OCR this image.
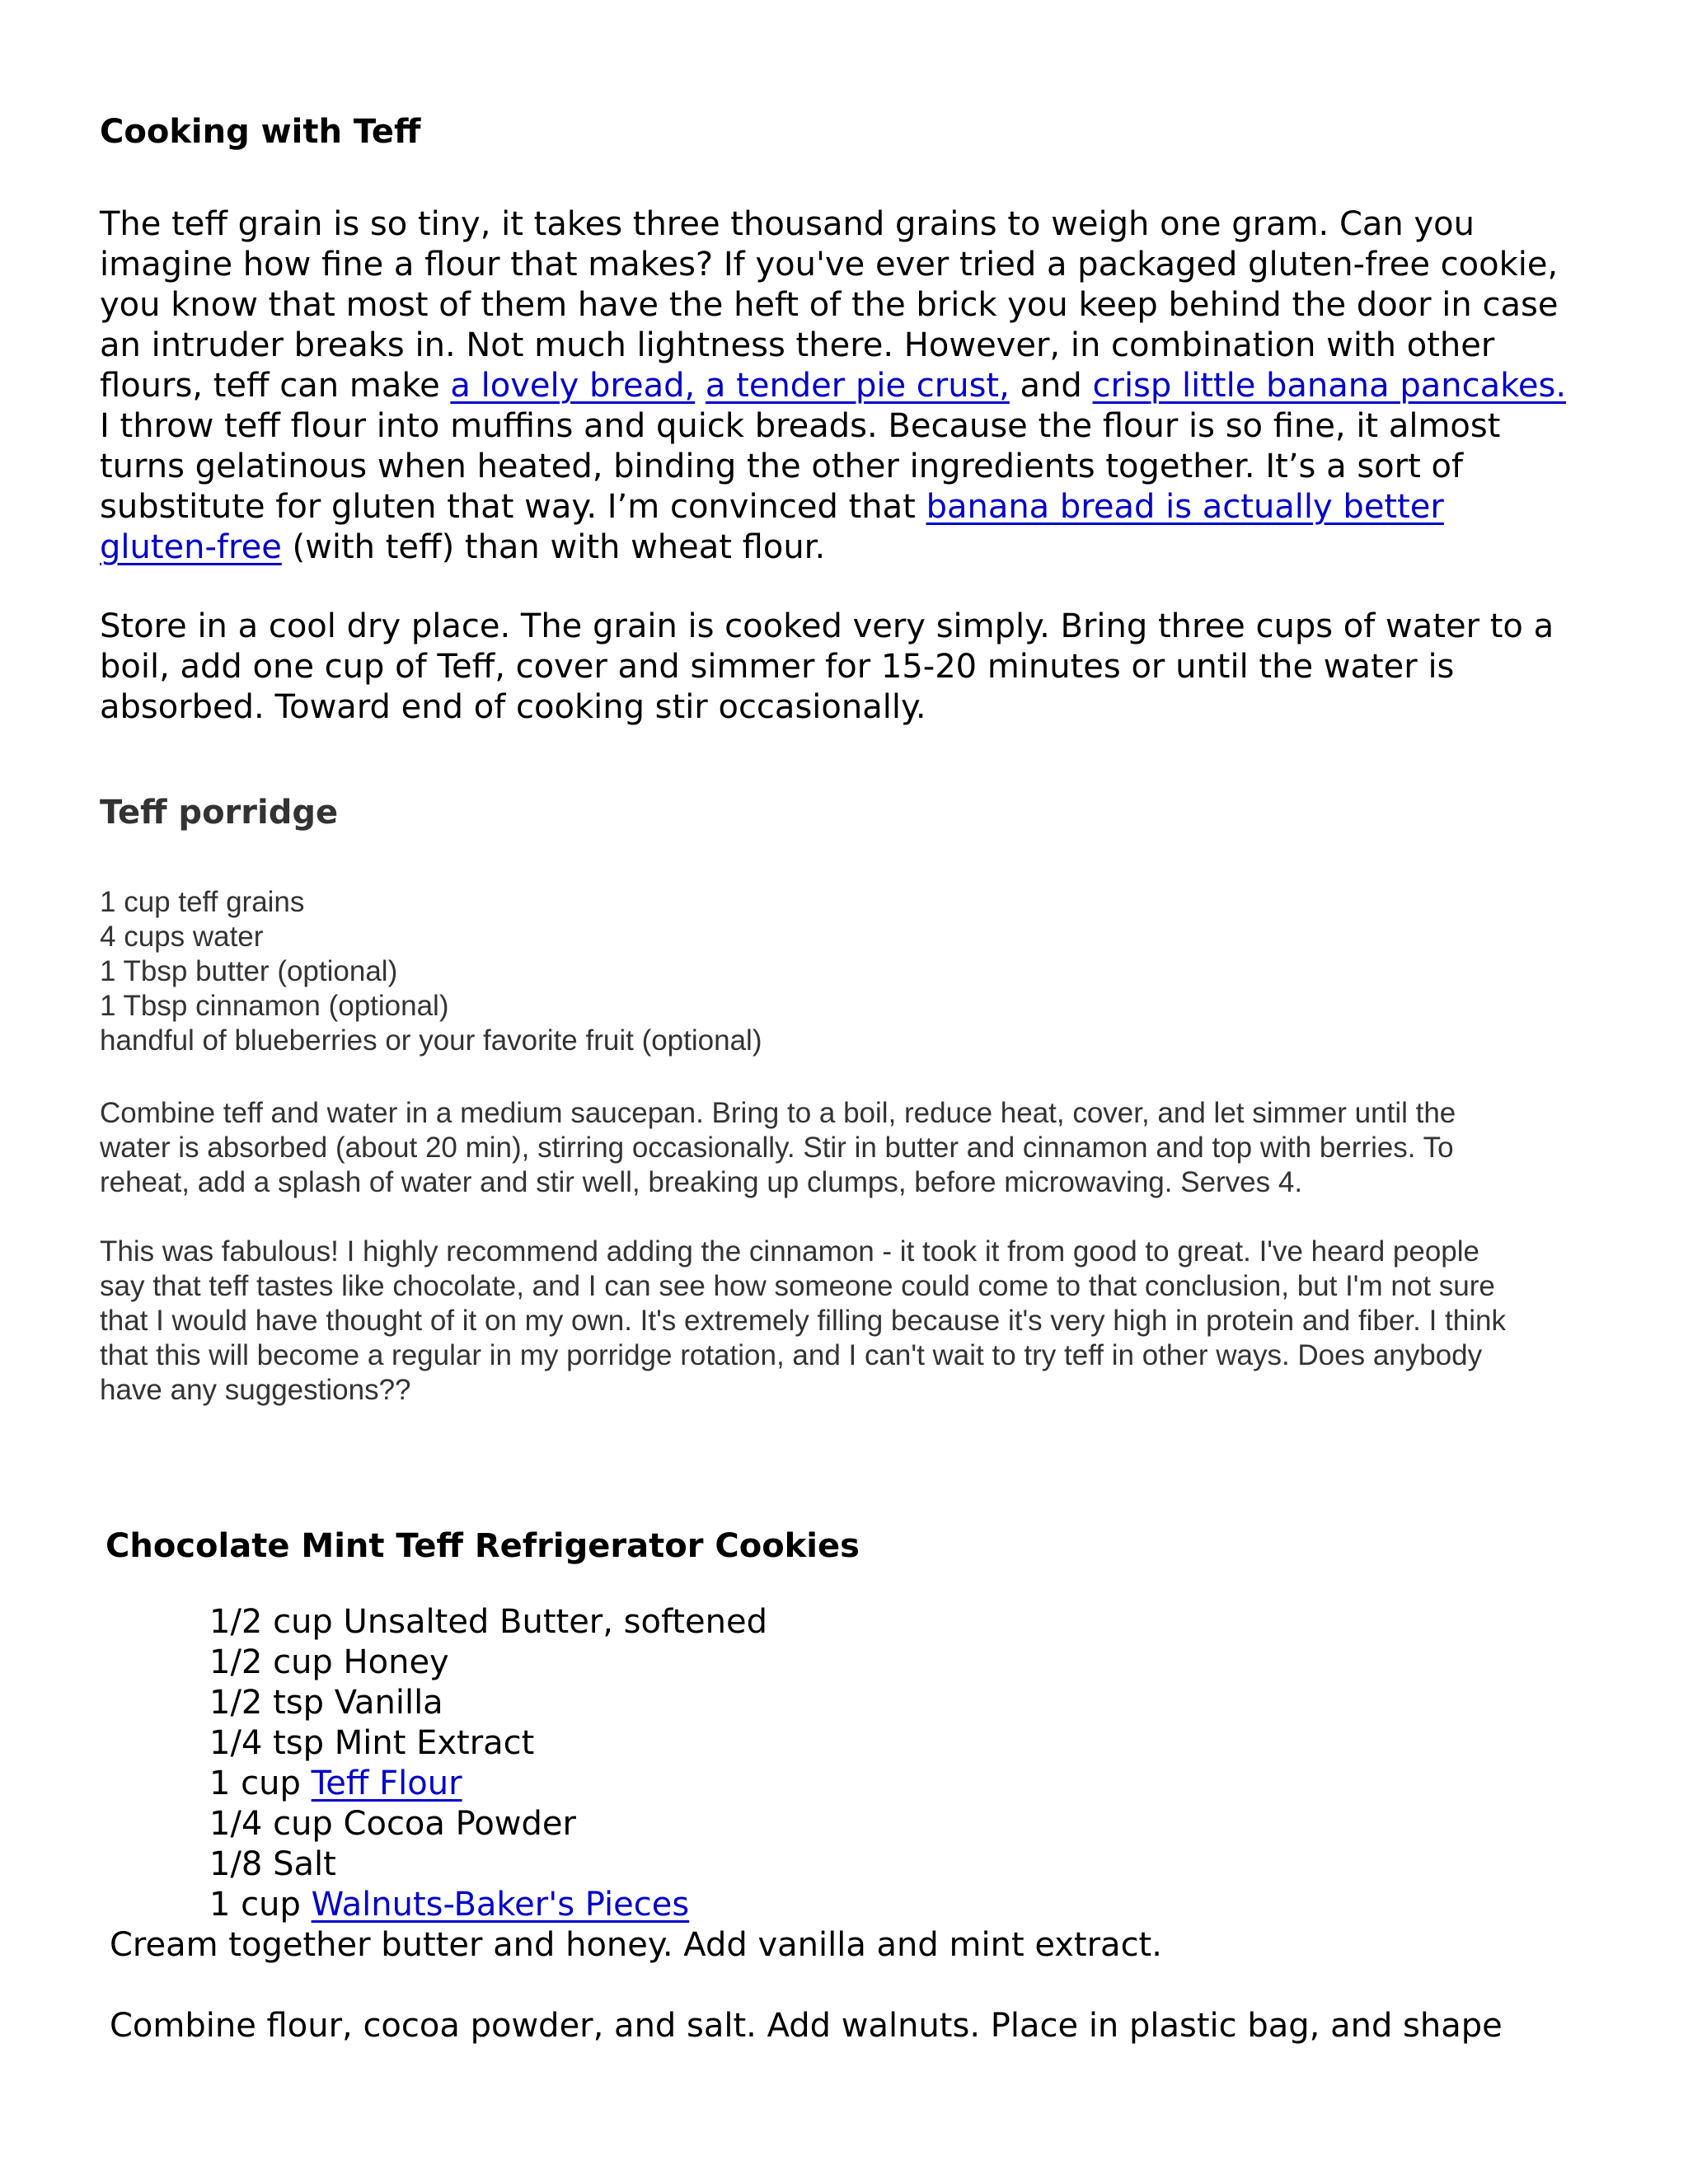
Cooking with Teff
The teff grain is so tiny, it takes three thousand grains to weigh one gram. Can you
imagine how fine a flour that makes? If you've ever tried a packaged gluten-free cookie,
you know that most of them have the heft of the brick you keep behind the door in case
an intruder breaks in. Not much lightness there. However, in combination with other
flours, teff can make a lovely bread, a tender pie crust, and crisp little banana pancakes.
I throw teff flour into muffins and quick breads. Because the flour is so fine, it almost
turns gelatinous when heated, binding the other ingredients together. It’s a sort of
substitute for gluten that way. I’m convinced that banana bread is actually better
gluten-free (with teff) than with wheat flour.
Store in a cool dry place. The grain is cooked very simply. Bring three cups of water to a
boil, add one cup of Teff, cover and simmer for 15-20 minutes or until the water is
absorbed. Toward end of cooking stir occasionally.
Teff porridge
1 cup teff grains
4 cups water
1 Tbsp butter (optional)
1 Tbsp cinnamon (optional)
handful of blueberries or your favorite fruit (optional)
Combine teff and water in a medium saucepan. Bring to a boil, reduce heat, cover, and let simmer until the
water is absorbed (about 20 min), stirring occasionally. Stir in butter and cinnamon and top with berries. To
reheat, add a splash of water and stir well, breaking up clumps, before microwaving. Serves 4.
This was fabulous! I highly recommend adding the cinnamon - it took it from good to great. I've heard people
say that teff tastes like chocolate, and I can see how someone could come to that conclusion, but I'm not sure
that I would have thought of it on my own. It's extremely filling because it's very high in protein and fiber. I think
that this will become a regular in my porridge rotation, and I can't wait to try teff in other ways. Does anybody
have any suggestions??
Chocolate Mint Teff Refrigerator Cookies
1/2 cup Unsalted Butter, softened
1/2 cup Honey
1/2 tsp Vanilla
1/4 tsp Mint Extract
1 cup Teff Flour
1/4 cup Cocoa Powder
1/8 Salt
1 cup Walnuts-Baker's Pieces
Cream together butter and honey. Add vanilla and mint extract.
Combine flour, cocoa powder, and salt. Add walnuts. Place in plastic bag, and shape
